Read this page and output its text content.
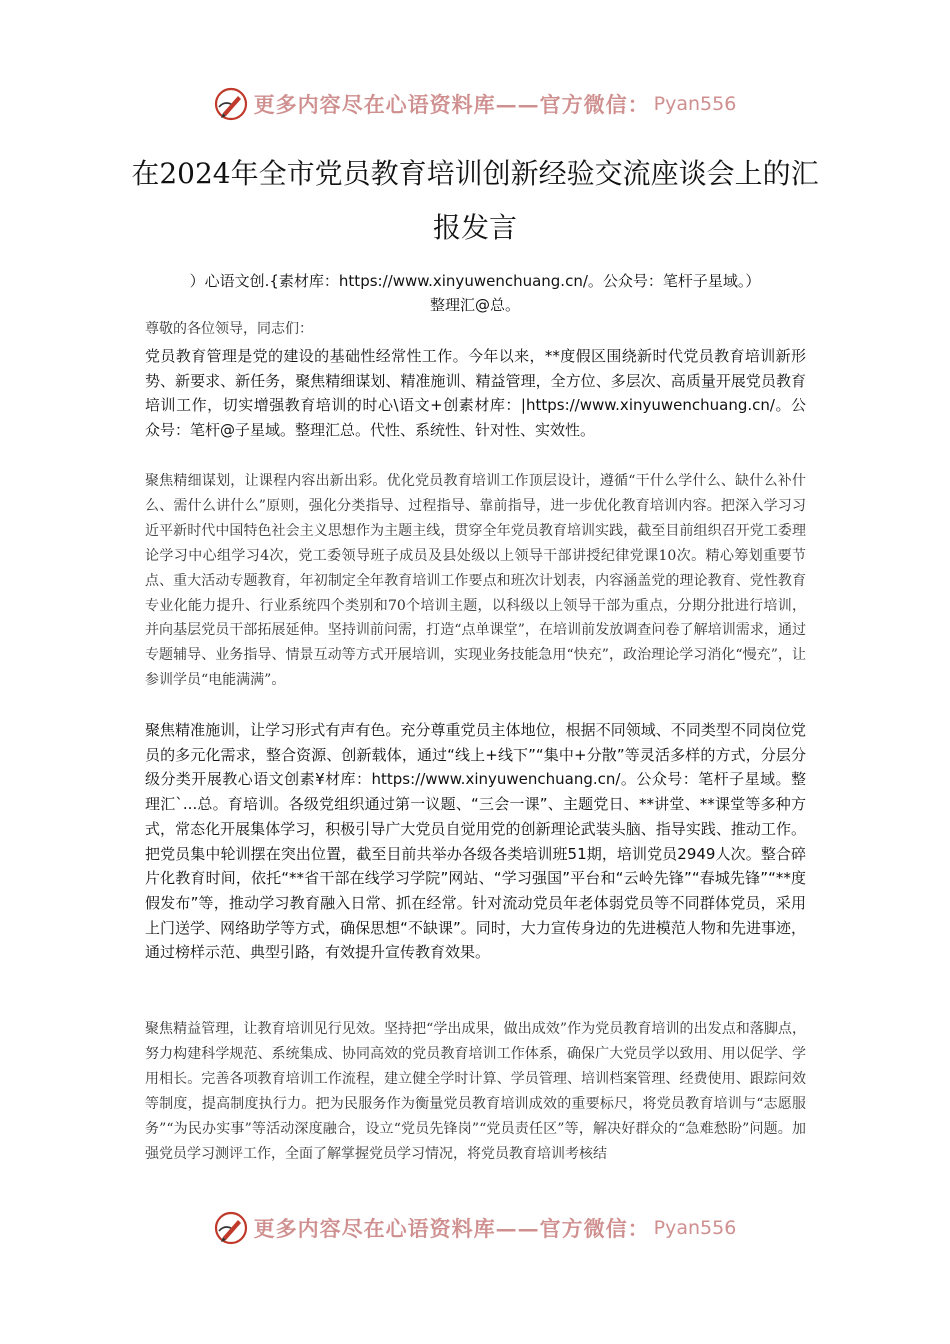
更多内容尽在心语资料库——官方微信： Pyan556
在2024年全市党员教育培训创新经验交流座谈会上的汇报发言
）心语文创.{素材库：https://www.xinyuwenchuang.cn/。公众号：笔杆子星域。）
整理汇@总。
尊敬的各位领导，同志们：

党员教育管理是党的建设的基础性经常性工作。今年以来，**度假区围绕新时代党员教育培训新形势、新要求、新任务，聚焦精细谋划、精准施训、精益管理，全方位、多层次、高质量开展党员教育培训工作，切实增强教育培训的时心\语文+创素材库：|https://www.xinyuwenchuang.cn/。公众号：笔杆@子星域。整理汇总。代性、系统性、针对性、实效性。

聚焦精细谋划，让课程内容出新出彩。优化党员教育培训工作顶层设计，遵循“干什么学什么、缺什么补什么、需什么讲什么”原则，强化分类指导、过程指导、靠前指导，进一步优化教育培训内容。把深入学习习近平新时代中国特色社会主义思想作为主题主线，贯穿全年党员教育培训实践，截至目前组织召开党工委理论学习中心组学习4次，党工委领导班子成员及县处级以上领导干部讲授纪律党课10次。精心筹划重要节点、重大活动专题教育，年初制定全年教育培训工作要点和班次计划表，内容涵盖党的理论教育、党性教育专业化能力提升、行业系统四个类别和70个培训主题，以科级以上领导干部为重点，分期分批进行培训，并向基层党员干部拓展延伸。坚持训前问需，打造“点单课堂”，在培训前发放调查问卷了解培训需求，通过专题辅导、业务指导、情景互动等方式开展培训，实现业务技能急用“快充”，政治理论学习消化“慢充”，让参训学员“电能满满”。

聚焦精准施训，让学习形式有声有色。充分尊重党员主体地位，根据不同领域、不同类型不同岗位党员的多元化需求，整合资源、创新载体，通过“线上+线下”“集中+分散”等灵活多样的方式，分层分级分类开展教心语文创素¥材库：https://www.xinyuwenchuang.cn/。公众号：笔杆子星域。整理汇`...总。育培训。各级党组织通过第一议题、“三会一课”、主题党日、**讲堂、**课堂等多种方式，常态化开展集体学习，积极引导广大党员自觉用党的创新理论武装头脑、指导实践、推动工作。把党员集中轮训摆在突出位置，截至目前共举办各级各类培训班51期，培训党员2949人次。整合碎片化教育时间，依托“**省干部在线学习学院”网站、“学习强国”平台和“云岭先锋”“春城先锋”“**度假发布”等，推动学习教育融入日常、抓在经常。针对流动党员年老体弱党员等不同群体党员，采用上门送学、网络助学等方式，确保思想“不缺课”。同时，大力宣传身边的先进模范人物和先进事迹，通过榜样示范、典型引路，有效提升宣传教育效果。

聚焦精益管理，让教育培训见行见效。坚持把“学出成果，做出成效”作为党员教育培训的出发点和落脚点，努力构建科学规范、系统集成、协同高效的党员教育培训工作体系，确保广大党员学以致用、用以促学、学用相长。完善各项教育培训工作流程，建立健全学时计算、学员管理、培训档案管理、经费使用、跟踪问效等制度，提高制度执行力。把为民服务作为衡量党员教育培训成效的重要标尺，将党员教育培训与“志愿服务”“为民办实事”等活动深度融合，设立“党员先锋岗”“党员责任区”等，解决好群众的“急难愁盼”问题。加强党员学习测评工作，全面了解掌握党员学习情况，将党员教育培训考核结

更多内容尽在心语资料库——官方微信： Pyan556
